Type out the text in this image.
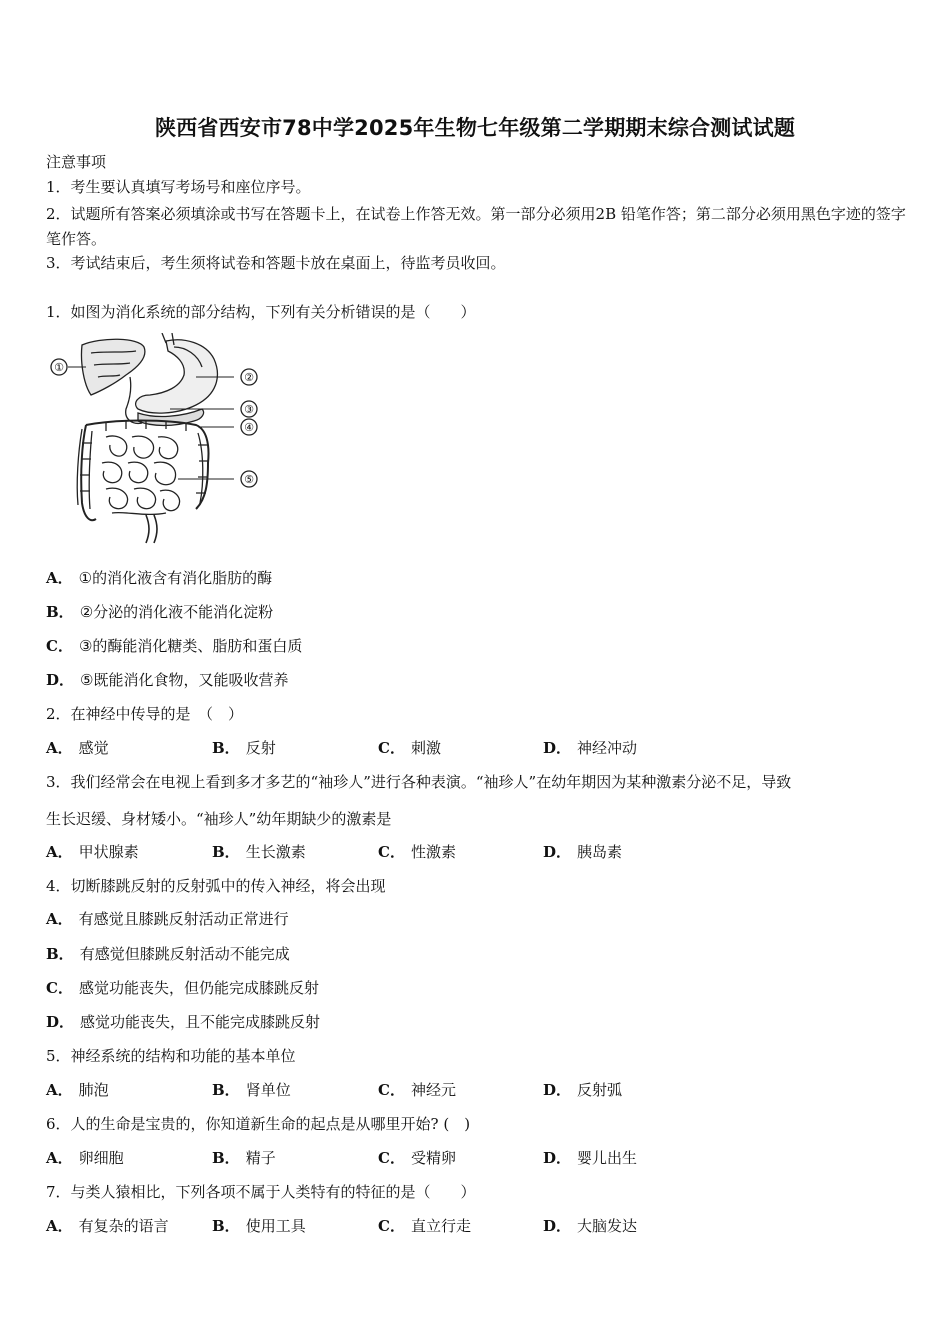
陕西省西安市78中学2025年生物七年级第二学期期末综合测试试题
注意事项
1．考生要认真填写考场号和座位序号。
2．试题所有答案必须填涂或书写在答题卡上，在试卷上作答无效。第一部分必须用2B 铅笔作答；第二部分必须用黑色字迹的签字笔作答。
3．考试结束后，考生须将试卷和答题卡放在桌面上，待监考员收回。
1．如图为消化系统的部分结构，下列有关分析错误的是（　　）
①
②
③
④
⑤
A． ①的消化液含有消化脂肪的酶
B． ②分泌的消化液不能消化淀粉
C． ③的酶能消化糖类、脂肪和蛋白质
D． ⑤既能消化食物，又能吸收营养
2．在神经中传导的是　（　）
A． 感觉	B． 反射	C． 刺激	D． 神经冲动
3．我们经常会在电视上看到多才多艺的“袖珍人”进行各种表演。“袖珍人”在幼年期因为某种激素分泌不足，导致
生长迟缓、身材矮小。“袖珍人”幼年期缺少的激素是
A． 甲状腺素	B． 生长激素	C． 性激素	D． 胰岛素
4．切断膝跳反射的反射弧中的传入神经，将会出现
A． 有感觉且膝跳反射活动正常进行
B． 有感觉但膝跳反射活动不能完成
C． 感觉功能丧失，但仍能完成膝跳反射
D． 感觉功能丧失，且不能完成膝跳反射
5．神经系统的结构和功能的基本单位
A． 肺泡	B． 肾单位	C． 神经元	D． 反射弧
6．人的生命是宝贵的，你知道新生命的起点是从哪里开始? (　)
A． 卵细胞	B． 精子	C． 受精卵	D． 婴儿出生
7．与类人猿相比，下列各项不属于人类特有的特征的是（　　）
A． 有复杂的语言	B． 使用工具	C． 直立行走	D． 大脑发达
